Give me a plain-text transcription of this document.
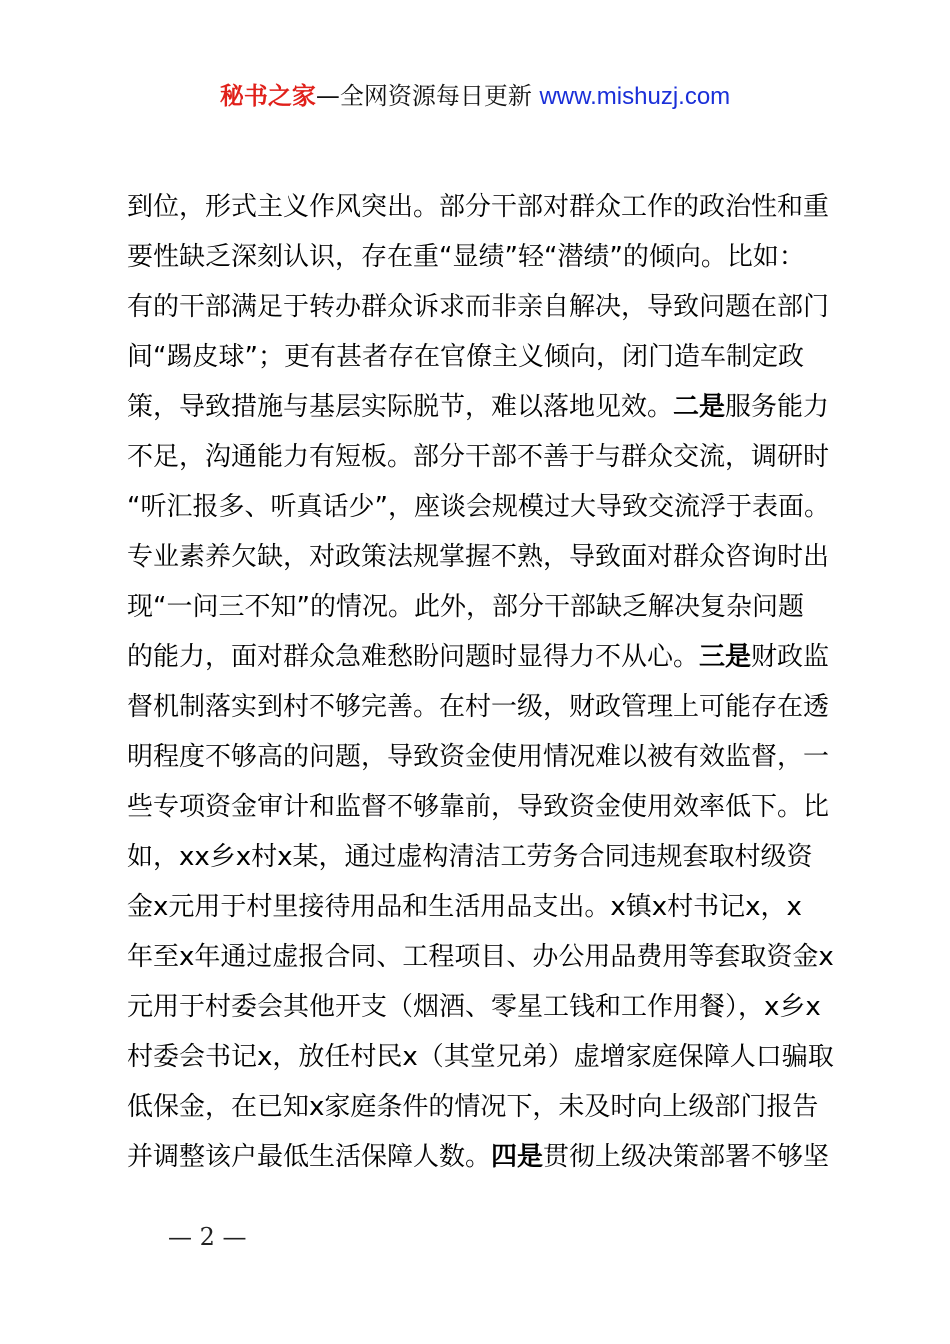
秘书之家—全网资源每日更新 www.mishuzj.com
到位，形式主义作风突出。部分干部对群众工作的政治性和重
要性缺乏深刻认识，存在重“显绩”轻“潜绩”的倾向。比如：
有的干部满足于转办群众诉求而非亲自解决，导致问题在部门
间“踢皮球”；更有甚者存在官僚主义倾向，闭门造车制定政
策，导致措施与基层实际脱节，难以落地见效。二是服务能力
不足，沟通能力有短板。部分干部不善于与群众交流，调研时
“听汇报多、听真话少”，座谈会规模过大导致交流浮于表面。
专业素养欠缺，对政策法规掌握不熟，导致面对群众咨询时出
现“一问三不知”的情况。此外，部分干部缺乏解决复杂问题
的能力，面对群众急难愁盼问题时显得力不从心。三是财政监
督机制落实到村不够完善。在村一级，财政管理上可能存在透
明程度不够高的问题，导致资金使用情况难以被有效监督，一
些专项资金审计和监督不够靠前，导致资金使用效率低下。比
如，xx乡x村x某，通过虚构清洁工劳务合同违规套取村级资
金x元用于村里接待用品和生活用品支出。x镇x村书记x，x
年至x年通过虚报合同、工程项目、办公用品费用等套取资金x
元用于村委会其他开支（烟酒、零星工钱和工作用餐），x乡x
村委会书记x，放任村民x（其堂兄弟）虚增家庭保障人口骗取
低保金，在已知x家庭条件的情况下，未及时向上级部门报告
并调整该户最低生活保障人数。四是贯彻上级决策部署不够坚
— 2 —
